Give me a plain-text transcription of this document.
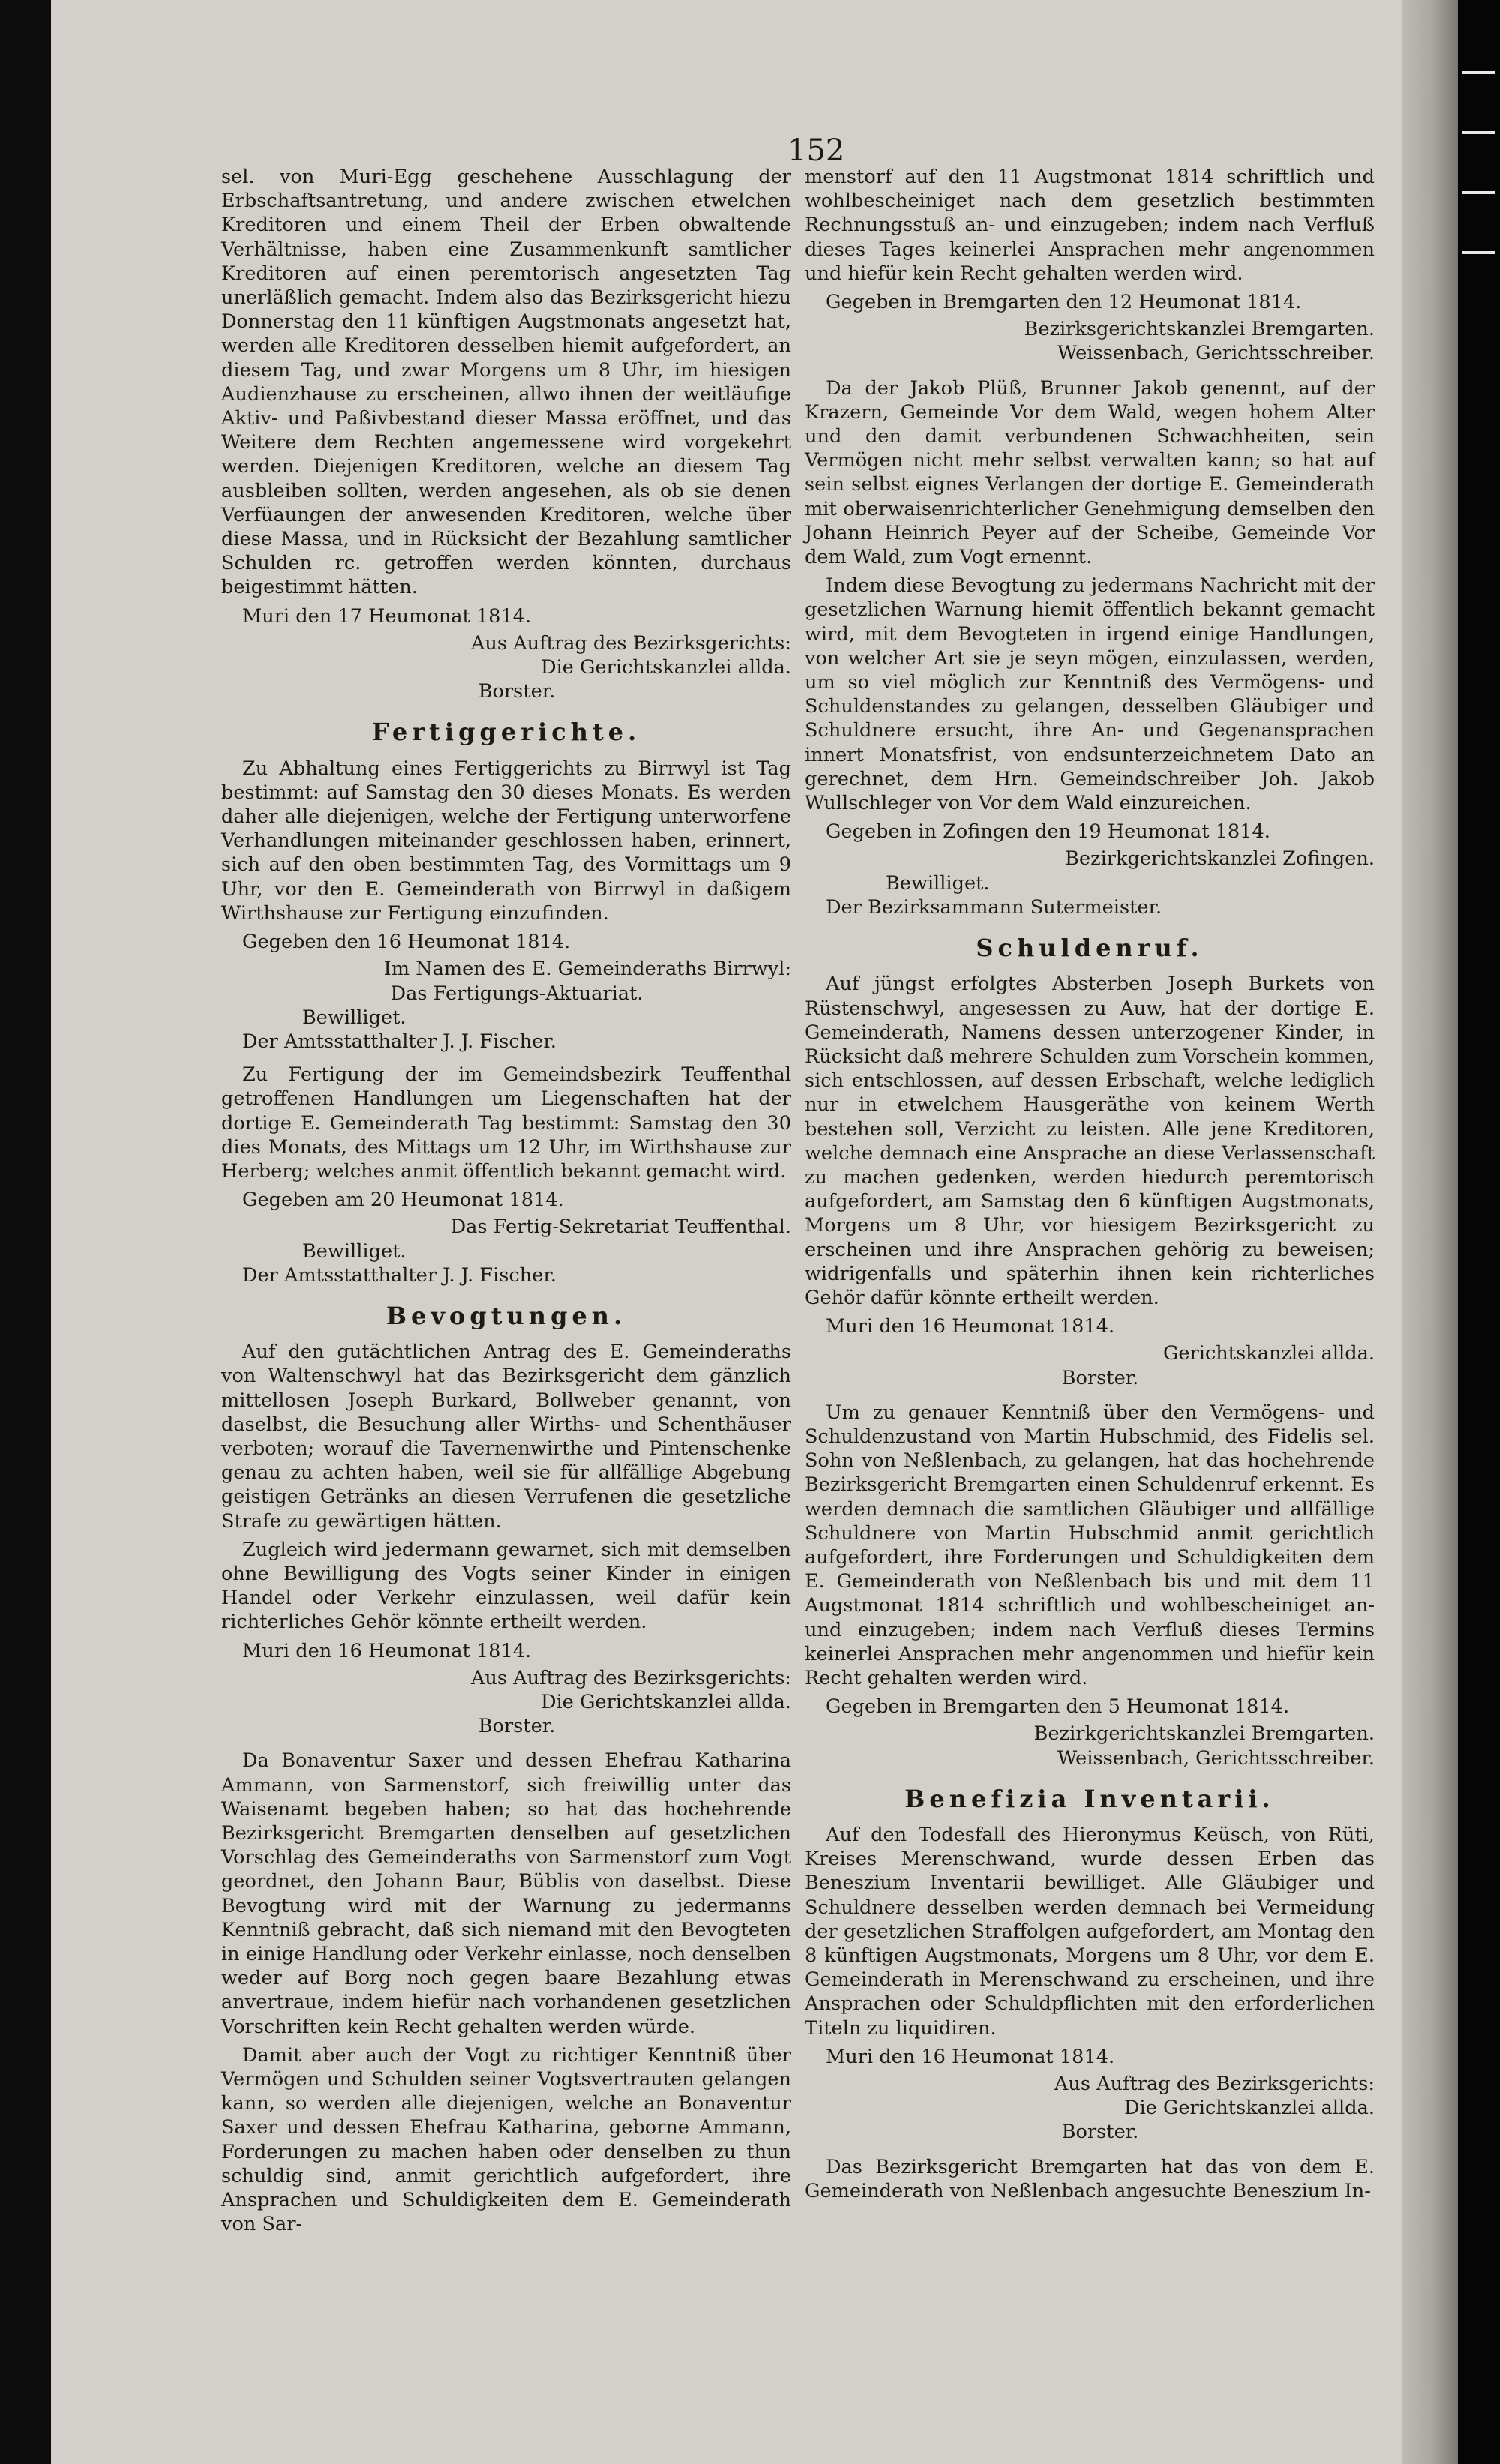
152

sel. von Muri-Egg geschehene Ausschlagung der Erbschaftsantretung, und andere zwischen etwelchen Kreditoren und einem Theil der Erben obwaltende Verhältnisse, haben eine Zusammenkunft samtlicher Kreditoren auf einen peremtorisch angesetzten Tag unerläßlich gemacht. Indem also das Bezirksgericht hiezu Donnerstag den 11 künftigen Augstmonats angesetzt hat, werden alle Kreditoren desselben hiemit aufgefordert, an diesem Tag, und zwar Morgens um 8 Uhr, im hiesigen Audienzhause zu erscheinen, allwo ihnen der weitläufige Aktiv- und Paßivbestand dieser Massa eröffnet, und das Weitere dem Rechten angemessene wird vorgekehrt werden. Diejenigen Kreditoren, welche an diesem Tag ausbleiben sollten, werden angesehen, als ob sie denen Verfüaungen der anwesenden Kreditoren, welche über diese Massa, und in Rücksicht der Bezahlung samtlicher Schulden rc. getroffen werden könnten, durchaus beigestimmt hätten.

Muri den 17 Heumonat 1814.

Aus Auftrag des Bezirksgerichts:

Die Gerichtskanzlei allda.

Borster.

Fertiggerichte.

Zu Abhaltung eines Fertiggerichts zu Birrwyl ist Tag bestimmt: auf Samstag den 30 dieses Monats. Es werden daher alle diejenigen, welche der Fertigung unterworfene Verhandlungen miteinander geschlossen haben, erinnert, sich auf den oben bestimmten Tag, des Vormittags um 9 Uhr, vor den E. Gemeinderath von Birrwyl in daßigem Wirthshause zur Fertigung einzufinden.

Gegeben den 16 Heumonat 1814.

Im Namen des E. Gemeinderaths Birrwyl:

Das Fertigungs-Aktuariat.

Bewilliget.

Der Amtsstatthalter J. J. Fischer.

Zu Fertigung der im Gemeindsbezirk Teuffenthal getroffenen Handlungen um Liegenschaften hat der dortige E. Gemeinderath Tag bestimmt: Samstag den 30 dies Monats, des Mittags um 12 Uhr, im Wirthshause zur Herberg; welches anmit öffentlich bekannt gemacht wird.

Gegeben am 20 Heumonat 1814.

Das Fertig-Sekretariat Teuffenthal.

Bewilliget.

Der Amtsstatthalter J. J. Fischer.

Bevogtungen.

Auf den gutächtlichen Antrag des E. Gemeinderaths von Waltenschwyl hat das Bezirksgericht dem gänzlich mittellosen Joseph Burkard, Bollweber genannt, von daselbst, die Besuchung aller Wirths- und Schenthäuser verboten; worauf die Tavernenwirthe und Pintenschenke genau zu achten haben, weil sie für allfällige Abgebung geistigen Getränks an diesen Verrufenen die gesetzliche Strafe zu gewärtigen hätten.

Zugleich wird jedermann gewarnet, sich mit demselben ohne Bewilligung des Vogts seiner Kinder in einigen Handel oder Verkehr einzulassen, weil dafür kein richterliches Gehör könnte ertheilt werden.

Muri den 16 Heumonat 1814.

Aus Auftrag des Bezirksgerichts:

Die Gerichtskanzlei allda.

Borster.

Da Bonaventur Saxer und dessen Ehefrau Katharina Ammann, von Sarmenstorf, sich freiwillig unter das Waisenamt begeben haben; so hat das hochehrende Bezirksgericht Bremgarten denselben auf gesetzlichen Vorschlag des Gemeinderaths von Sarmenstorf zum Vogt geordnet, den Johann Baur, Büblis von daselbst. Diese Bevogtung wird mit der Warnung zu jedermanns Kenntniß gebracht, daß sich niemand mit den Bevogteten in einige Handlung oder Verkehr einlasse, noch denselben weder auf Borg noch gegen baare Bezahlung etwas anvertraue, indem hiefür nach vorhandenen gesetzlichen Vorschriften kein Recht gehalten werden würde.

Damit aber auch der Vogt zu richtiger Kenntniß über Vermögen und Schulden seiner Vogtsvertrauten gelangen kann, so werden alle diejenigen, welche an Bonaventur Saxer und dessen Ehefrau Katharina, geborne Ammann, Forderungen zu machen haben oder denselben zu thun schuldig sind, anmit gerichtlich aufgefordert, ihre Ansprachen und Schuldigkeiten dem E. Gemeinderath von Sar-

menstorf auf den 11 Augstmonat 1814 schriftlich und wohlbescheiniget nach dem gesetzlich bestimmten Rechnungsstuß an- und einzugeben; indem nach Verfluß dieses Tages keinerlei Ansprachen mehr angenommen und hiefür kein Recht gehalten werden wird.

Gegeben in Bremgarten den 12 Heumonat 1814.

Bezirksgerichtskanzlei Bremgarten.

Weissenbach, Gerichtsschreiber.

Da der Jakob Plüß, Brunner Jakob genennt, auf der Krazern, Gemeinde Vor dem Wald, wegen hohem Alter und den damit verbundenen Schwachheiten, sein Vermögen nicht mehr selbst verwalten kann; so hat auf sein selbst eignes Verlangen der dortige E. Gemeinderath mit oberwaisenrichterlicher Genehmigung demselben den Johann Heinrich Peyer auf der Scheibe, Gemeinde Vor dem Wald, zum Vogt ernennt.

Indem diese Bevogtung zu jedermans Nachricht mit der gesetzlichen Warnung hiemit öffentlich bekannt gemacht wird, mit dem Bevogteten in irgend einige Handlungen, von welcher Art sie je seyn mögen, einzulassen, werden, um so viel möglich zur Kenntniß des Vermögens- und Schuldenstandes zu gelangen, desselben Gläubiger und Schuldnere ersucht, ihre An- und Gegenansprachen innert Monatsfrist, von endsunterzeichnetem Dato an gerechnet, dem Hrn. Gemeindschreiber Joh. Jakob Wullschleger von Vor dem Wald einzureichen.

Gegeben in Zofingen den 19 Heumonat 1814.

Bezirkgerichtskanzlei Zofingen.

Bewilliget.

Der Bezirksammann Sutermeister.

Schuldenruf.

Auf jüngst erfolgtes Absterben Joseph Burkets von Rüstenschwyl, angesessen zu Auw, hat der dortige E. Gemeinderath, Namens dessen unterzogener Kinder, in Rücksicht daß mehrere Schulden zum Vorschein kommen, sich entschlossen, auf dessen Erbschaft, welche lediglich nur in etwelchem Hausgeräthe von keinem Werth bestehen soll, Verzicht zu leisten. Alle jene Kreditoren, welche demnach eine Ansprache an diese Verlassenschaft zu machen gedenken, werden hiedurch peremtorisch aufgefordert, am Samstag den 6 künftigen Augstmonats, Morgens um 8 Uhr, vor hiesigem Bezirksgericht zu erscheinen und ihre Ansprachen gehörig zu beweisen; widrigenfalls und späterhin ihnen kein richterliches Gehör dafür könnte ertheilt werden.

Muri den 16 Heumonat 1814.

Gerichtskanzlei allda.

Borster.

Um zu genauer Kenntniß über den Vermögens- und Schuldenzustand von Martin Hubschmid, des Fidelis sel. Sohn von Neßlenbach, zu gelangen, hat das hochehrende Bezirksgericht Bremgarten einen Schuldenruf erkennt. Es werden demnach die samtlichen Gläubiger und allfällige Schuldnere von Martin Hubschmid anmit gerichtlich aufgefordert, ihre Forderungen und Schuldigkeiten dem E. Gemeinderath von Neßlenbach bis und mit dem 11 Augstmonat 1814 schriftlich und wohlbescheiniget an- und einzugeben; indem nach Verfluß dieses Termins keinerlei Ansprachen mehr angenommen und hiefür kein Recht gehalten werden wird.

Gegeben in Bremgarten den 5 Heumonat 1814.

Bezirkgerichtskanzlei Bremgarten.

Weissenbach, Gerichtsschreiber.

Benefizia Inventarii.

Auf den Todesfall des Hieronymus Keüsch, von Rüti, Kreises Merenschwand, wurde dessen Erben das Beneszium Inventarii bewilliget. Alle Gläubiger und Schuldnere desselben werden demnach bei Vermeidung der gesetzlichen Straffolgen aufgefordert, am Montag den 8 künftigen Augstmonats, Morgens um 8 Uhr, vor dem E. Gemeinderath in Merenschwand zu erscheinen, und ihre Ansprachen oder Schuldpflichten mit den erforderlichen Titeln zu liquidiren.

Muri den 16 Heumonat 1814.

Aus Auftrag des Bezirksgerichts:

Die Gerichtskanzlei allda.

Borster.

Das Bezirksgericht Bremgarten hat das von dem E. Gemeinderath von Neßlenbach angesuchte Beneszium In-
